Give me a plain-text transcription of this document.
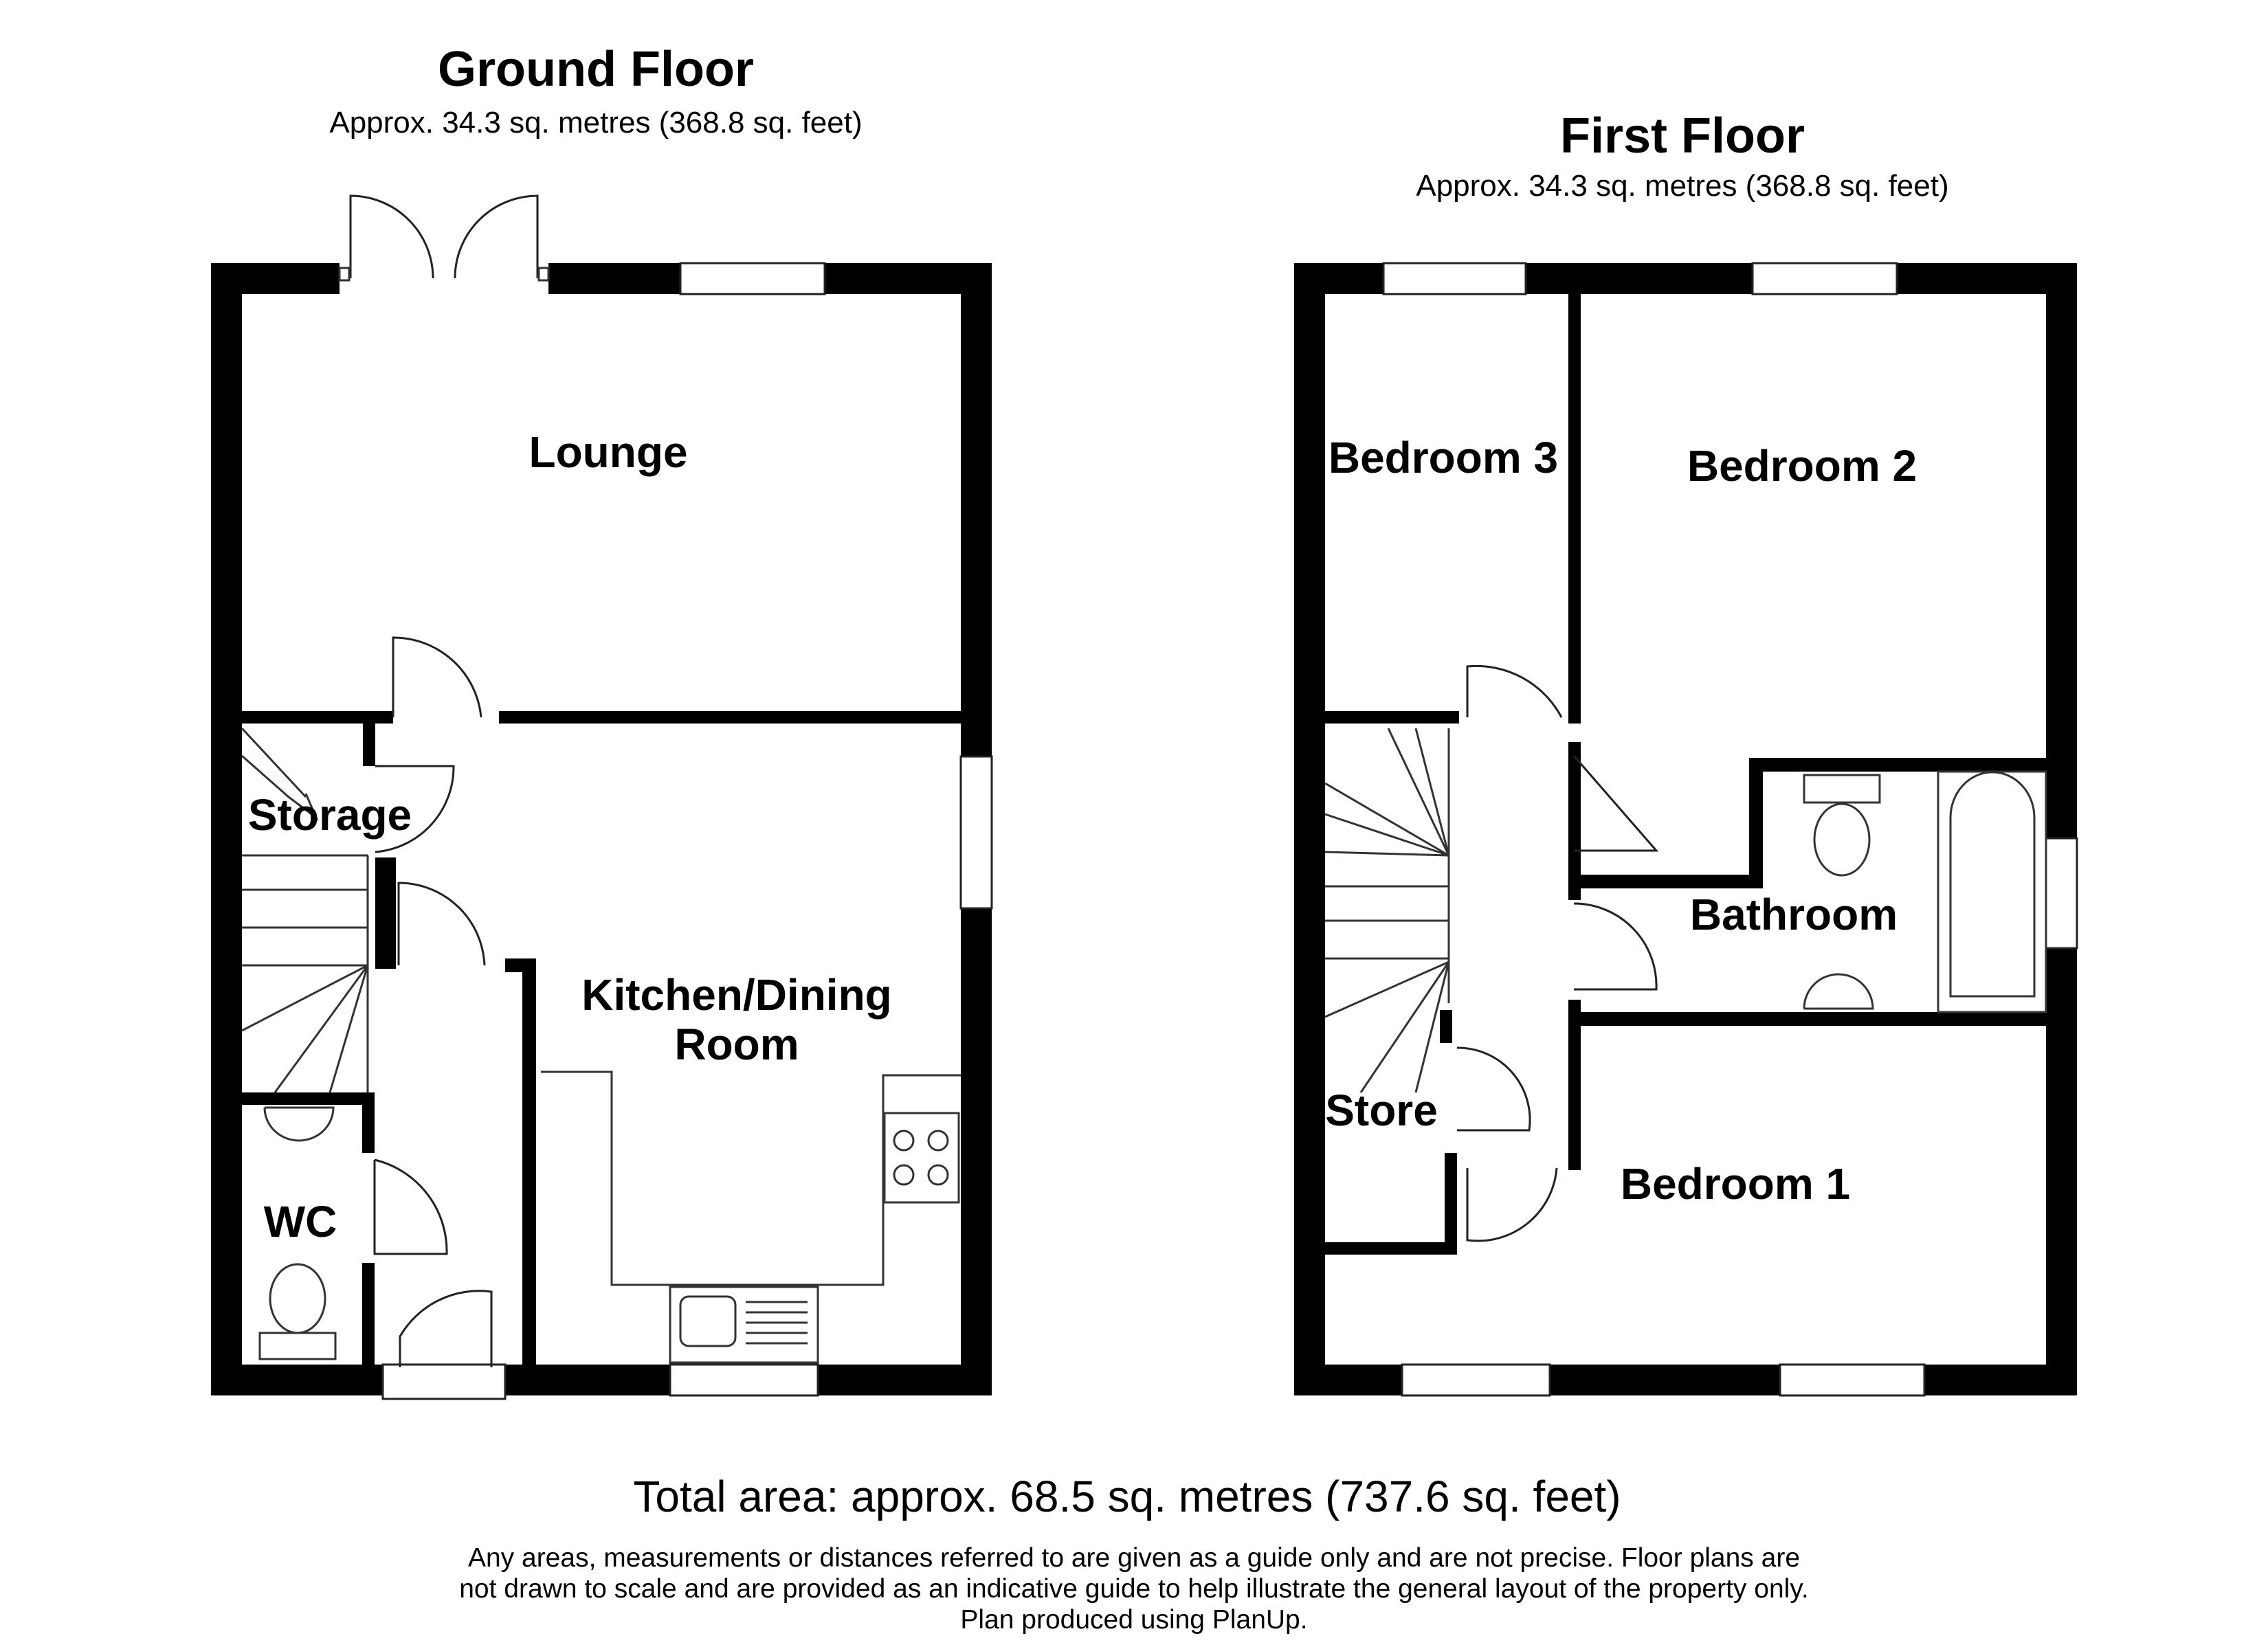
Ground Floor
Approx. 34.3 sq. metres (368.8 sq. feet)
Lounge
Storage
Kitchen/Dining
Room
WC
First Floor
Approx. 34.3 sq. metres (368.8 sq. feet)
Bedroom 3	Bedroom 2
Bathroom
Store
Bedroom 1
Total area: approx. 68.5 sq. metres (737.6 sq. feet)
Any areas, measurements or distances referred to are given as a guide only and are not precise. Floor plans are
not drawn to scale and are provided as an indicative guide to help illustrate the general layout of the property only.
Plan produced using PlanUp.
